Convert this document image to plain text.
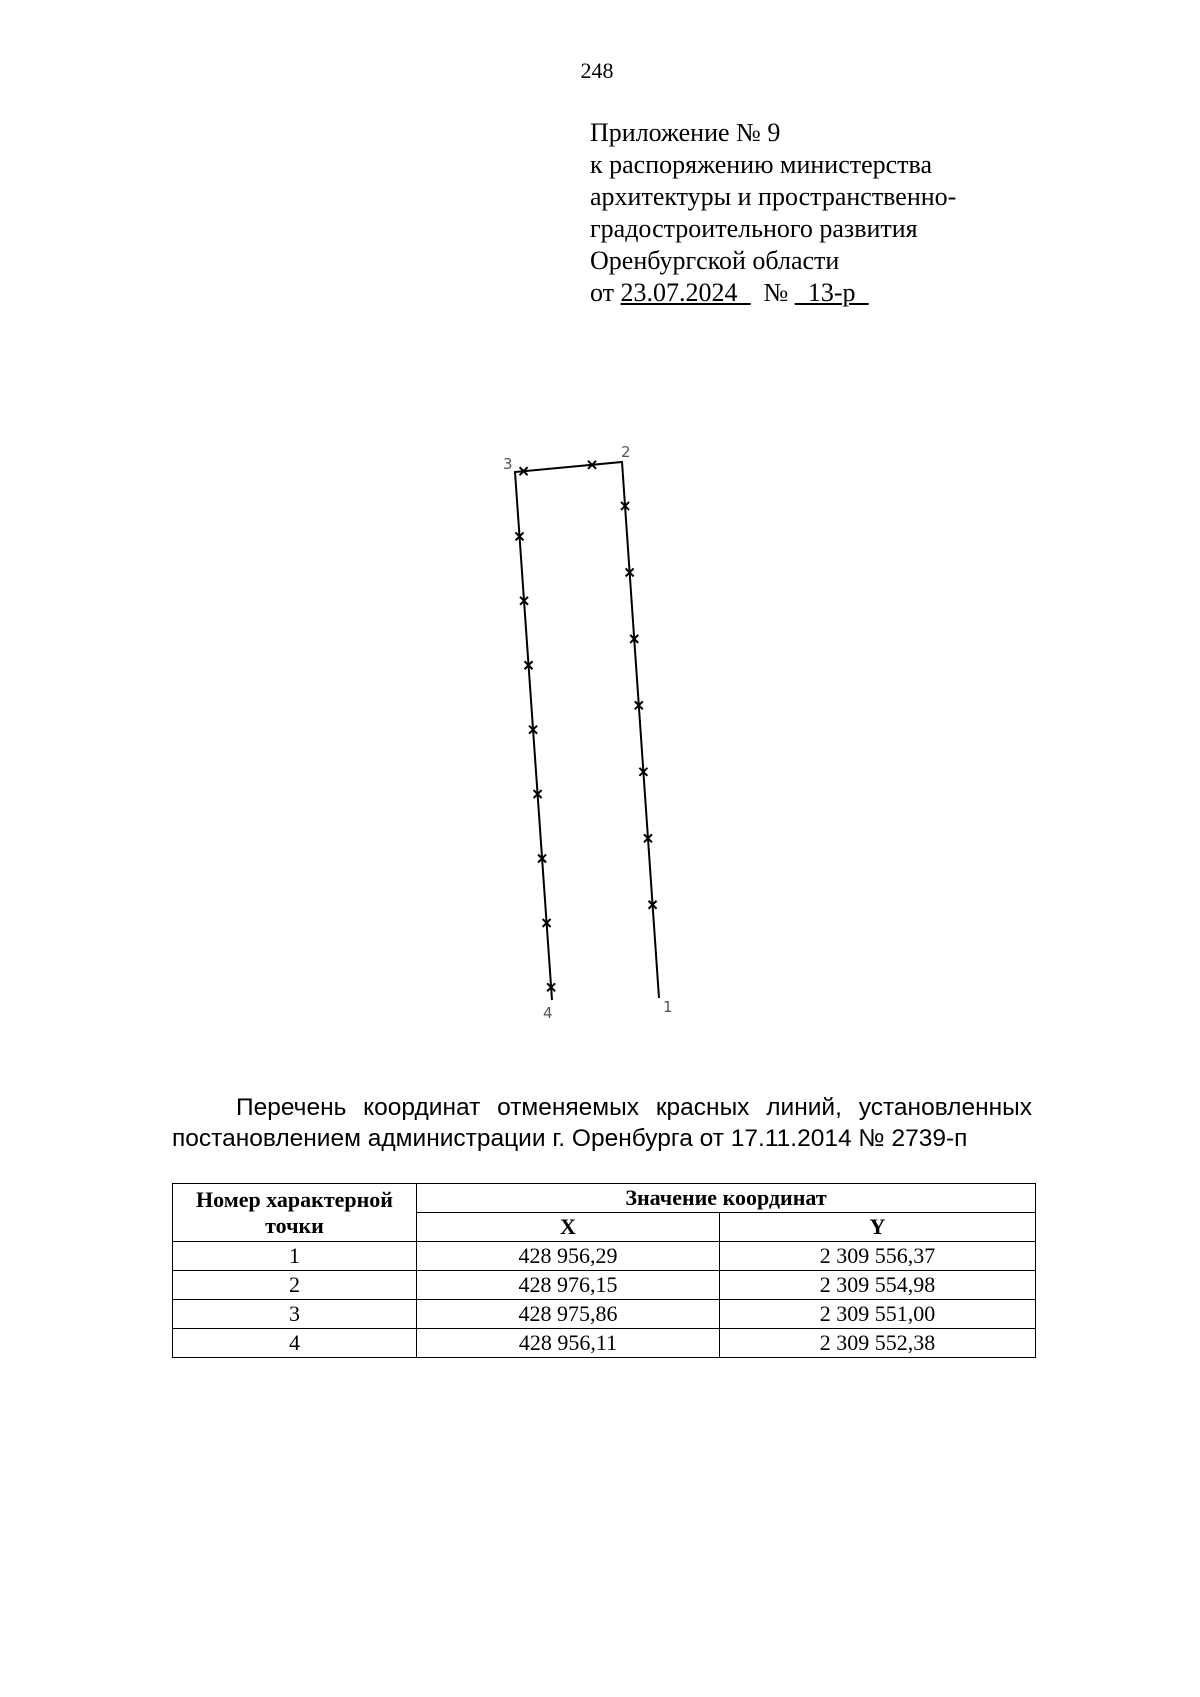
248
Приложение № 9
к распоряжению министерства
архитектуры и пространственно-
градостроительного развития
Оренбургской области
от 23.07.2024_  № _13-р_
1
2
3
4
Перечень координат отменяемых красных линий, установленных
постановлением администрации г. Оренбурга от 17.11.2014 № 2739-п
Номер характерной точки	Значение координат	
	X	Y
1	428 956,29	2 309 556,37
2	428 976,15	2 309 554,98
3	428 975,86	2 309 551,00
4	428 956,11	2 309 552,38
